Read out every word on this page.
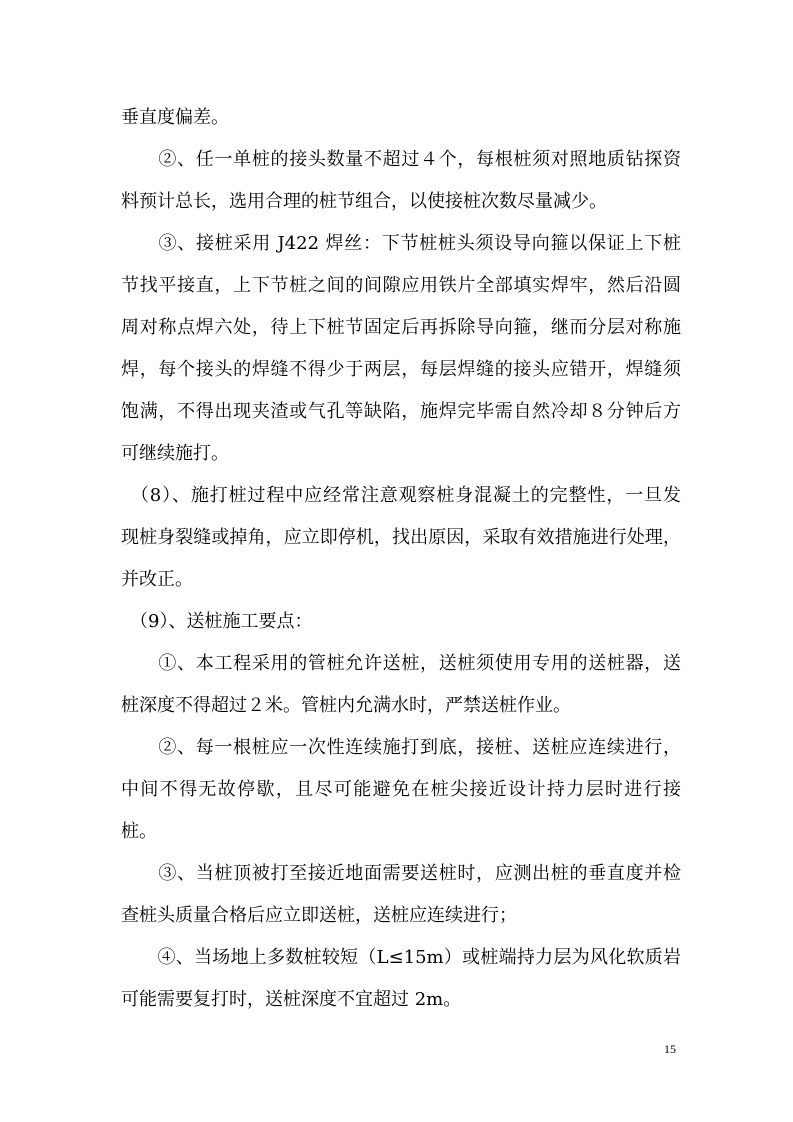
垂直度偏差。
　　②、任一单桩的接头数量不超过４个，每根桩须对照地质钻探资
料预计总长，选用合理的桩节组合，以使接桩次数尽量减少。
　　③、接桩采用 J422 焊丝：下节桩桩头须设导向箍以保证上下桩
节找平接直，上下节桩之间的间隙应用铁片全部填实焊牢，然后沿圆
周对称点焊六处，待上下桩节固定后再拆除导向箍，继而分层对称施
焊，每个接头的焊缝不得少于两层，每层焊缝的接头应错开，焊缝须
饱满，不得出现夹渣或气孔等缺陷，施焊完毕需自然冷却８分钟后方
可继续施打。
　（8）、施打桩过程中应经常注意观察桩身混凝土的完整性，一旦发
现桩身裂缝或掉角，应立即停机，找出原因，采取有效措施进行处理，
并改正。
　（9）、送桩施工要点：
　　①、本工程采用的管桩允许送桩，送桩须使用专用的送桩器，送
桩深度不得超过２米。管桩内允满水时，严禁送桩作业。
　　②、每一根桩应一次性连续施打到底，接桩、送桩应连续进行，
中间不得无故停歇，且尽可能避免在桩尖接近设计持力层时进行接
桩。
　　③、当桩顶被打至接近地面需要送桩时，应测出桩的垂直度并检
查桩头质量合格后应立即送桩，送桩应连续进行；
　　④、当场地上多数桩较短（L≤15m）或桩端持力层为风化软质岩
可能需要复打时，送桩深度不宜超过 2m。
15
